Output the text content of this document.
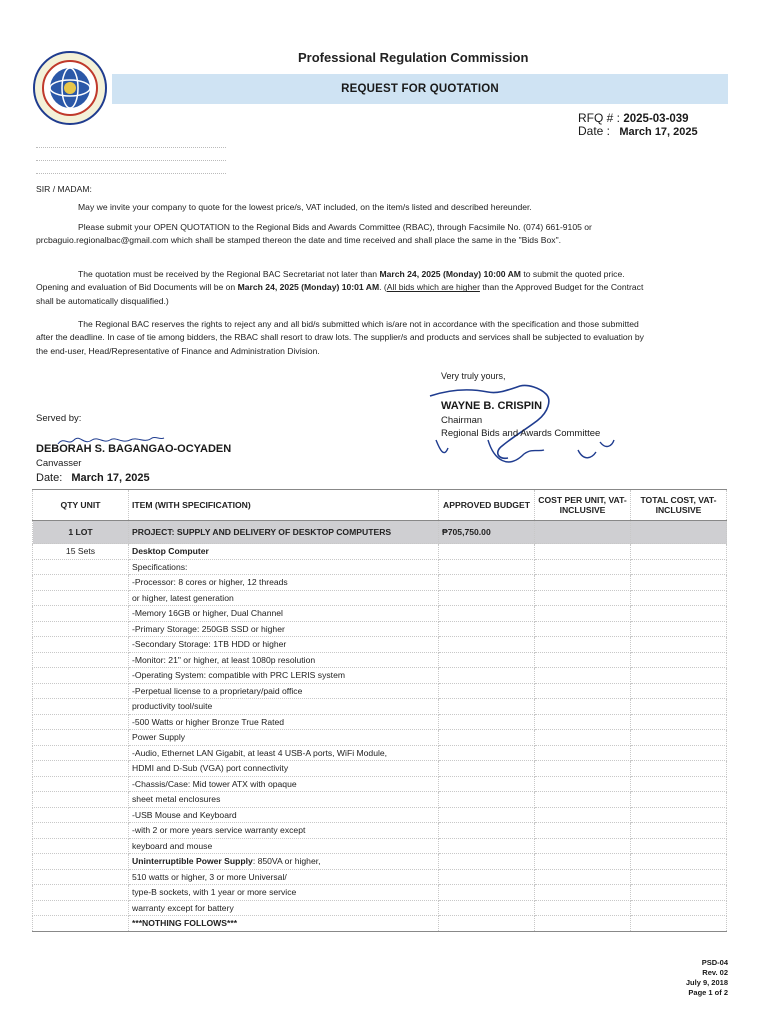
Professional Regulation Commission
REQUEST FOR QUOTATION
RFQ # : 2025-03-039
Date : March 17, 2025
SIR / MADAM:
May we invite your company to quote for the lowest price/s, VAT included, on the item/s listed and described hereunder.
Please submit your OPEN QUOTATION to the Regional Bids and Awards Committee (RBAC), through Facsimile No. (074) 661-9105 or prcbaguio.regionalbac@gmail.com which shall be stamped thereon the date and time received and shall place the same in the "Bids Box".
The quotation must be received by the Regional BAC Secretariat not later than March 24, 2025 (Monday) 10:00 AM to submit the quoted price. Opening and evaluation of Bid Documents will be on March 24, 2025 (Monday) 10:01 AM. (All bids which are higher than the Approved Budget for the Contract shall be automatically disqualified.)
The Regional BAC reserves the rights to reject any and all bid/s submitted which is/are not in accordance with the specification and those submitted after the deadline. In case of tie among bidders, the RBAC shall resort to draw lots. The supplier/s and products and services shall be subjected to evaluation by the end-user, Head/Representative of Finance and Administration Division.
Very truly yours,
WAYNE B. CRISPIN
Chairman
Regional Bids and Awards Committee
Served by:
DEBORAH S. BAGANGAO-OCYADEN
Canvasser
Date: March 17, 2025
QTY UNIT	ITEM (WITH SPECIFICATION)	APPROVED BUDGET	COST PER UNIT, VAT-INCLUSIVE	TOTAL COST, VAT-INCLUSIVE
1 LOT	PROJECT: SUPPLY AND DELIVERY OF DESKTOP COMPUTERS	₱705,750.00		
15 Sets	Desktop Computer			
	Specifications:			
	-Processor: 8 cores or higher, 12 threads			
	or higher, latest generation			
	-Memory 16GB or higher, Dual Channel			
	-Primary Storage: 250GB SSD or higher			
	-Secondary Storage: 1TB HDD or higher			
	-Monitor: 21" or higher, at least 1080p resolution			
	-Operating System: compatible with PRC LERIS system			
	-Perpetual license to a proprietary/paid office			
	productivity tool/suite			
	-500 Watts or higher Bronze True Rated			
	Power Supply			
	-Audio, Ethernet LAN Gigabit, at least 4 USB-A ports, WiFi Module,			
	HDMI and D-Sub (VGA) port connectivity			
	-Chassis/Case: Mid tower ATX with opaque			
	sheet metal enclosures			
	-USB Mouse and Keyboard			
	-with 2 or more years service warranty except			
	keyboard and mouse			
	Uninterruptible Power Supply: 850VA or higher,			
	510 watts or higher, 3 or more Universal/			
	type-B sockets, with 1 year or more service			
	warranty except for battery			
	***NOTHING FOLLOWS***			
PSD-04
Rev. 02
July 9, 2018
Page 1 of 2
